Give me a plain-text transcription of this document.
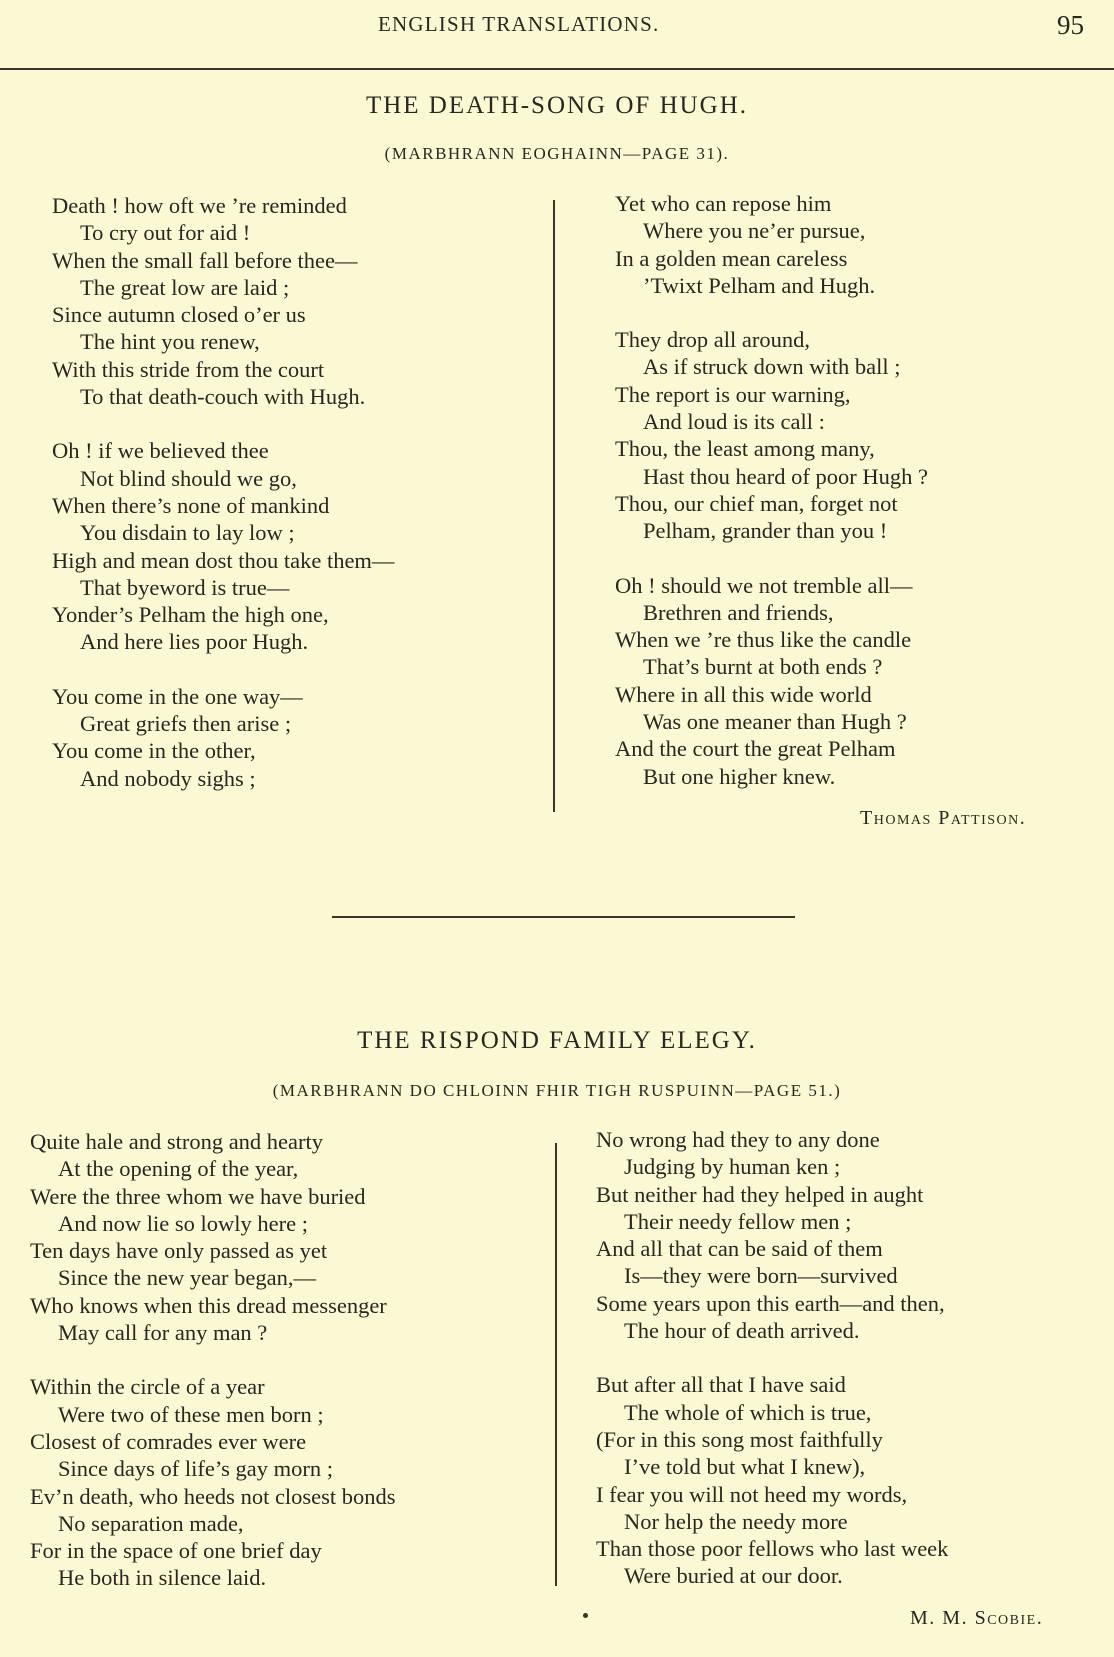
ENGLISH TRANSLATIONS.	95
THE DEATH-SONG OF HUGH.
(MARBHRANN EOGHAINN—PAGE 31).
Death ! how oft we ’re reminded
To cry out for aid !
When the small fall before thee—
The great low are laid ;
Since autumn closed o’er us
The hint you renew,
With this stride from the court
To that death-couch with Hugh.
Oh ! if we believed thee
Not blind should we go,
When there’s none of mankind
You disdain to lay low ;
High and mean dost thou take them—
That byeword is true—
Yonder’s Pelham the high one,
And here lies poor Hugh.
You come in the one way—
Great griefs then arise ;
You come in the other,
And nobody sighs ;
Yet who can repose him
Where you ne’er pursue,
In a golden mean careless
’Twixt Pelham and Hugh.
They drop all around,
As if struck down with ball ;
The report is our warning,
And loud is its call :
Thou, the least among many,
Hast thou heard of poor Hugh ?
Thou, our chief man, forget not
Pelham, grander than you !
Oh ! should we not tremble all—
Brethren and friends,
When we ’re thus like the candle
That’s burnt at both ends ?
Where in all this wide world
Was one meaner than Hugh ?
And the court the great Pelham
But one higher knew.
Thomas Pattison.
THE RISPOND FAMILY ELEGY.
(MARBHRANN DO CHLOINN FHIR TIGH RUSPUINN—PAGE 51.)
Quite hale and strong and hearty
At the opening of the year,
Were the three whom we have buried
And now lie so lowly here ;
Ten days have only passed as yet
Since the new year began,—
Who knows when this dread messenger
May call for any man ?
Within the circle of a year
Were two of these men born ;
Closest of comrades ever were
Since days of life’s gay morn ;
Ev’n death, who heeds not closest bonds
No separation made,
For in the space of one brief day
He both in silence laid.
No wrong had they to any done
Judging by human ken ;
But neither had they helped in aught
Their needy fellow men ;
And all that can be said of them
Is—they were born—survived
Some years upon this earth—and then,
The hour of death arrived.
But after all that I have said
The whole of which is true,
(For in this song most faithfully
I’ve told but what I knew),
I fear you will not heed my words,
Nor help the needy more
Than those poor fellows who last week
Were buried at our door.
M. M. Scobie.
